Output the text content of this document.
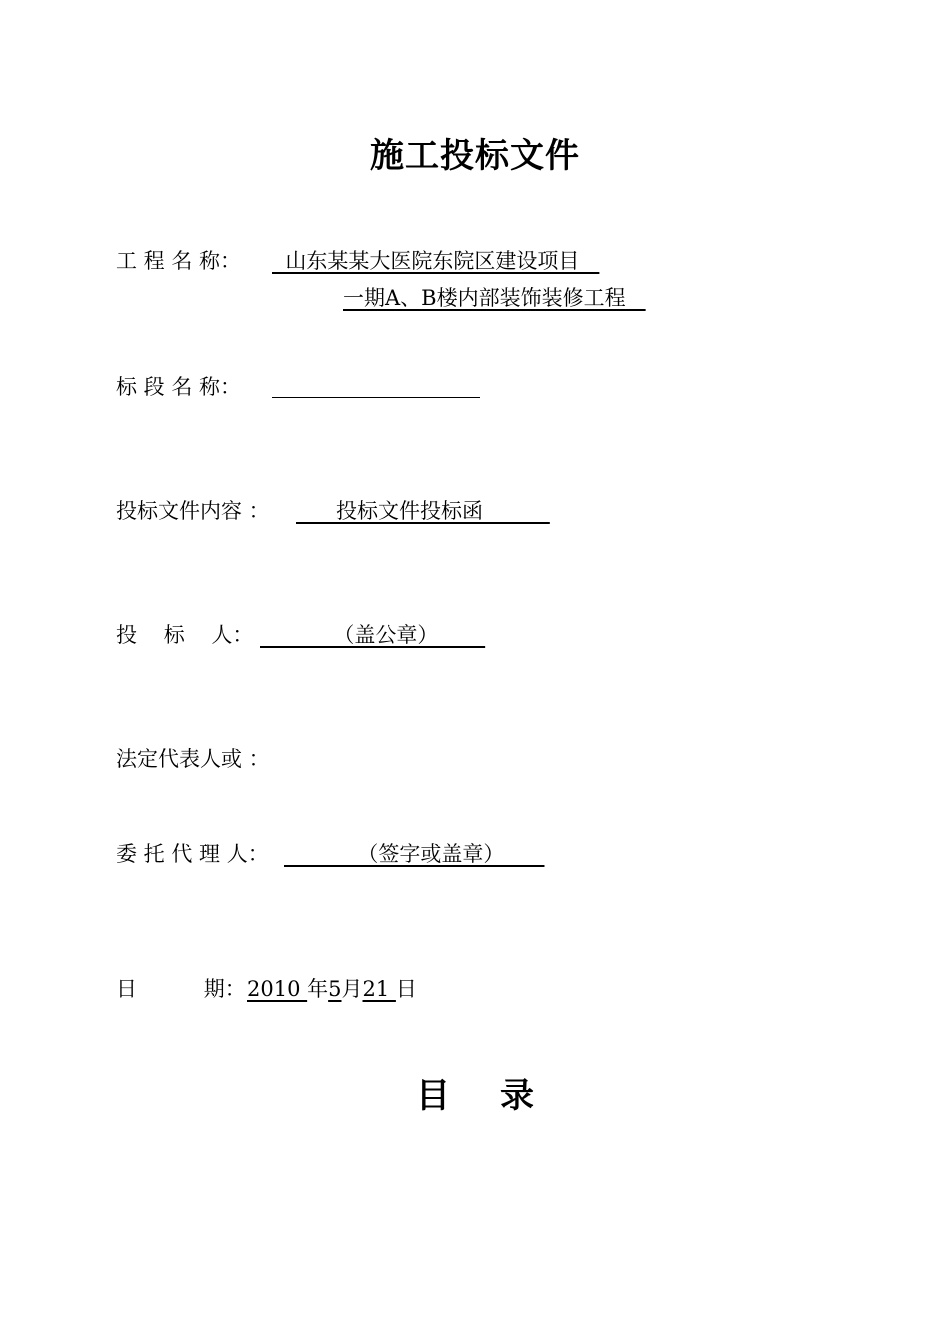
施工投标文件
工 程 名 称： 山东某某大医院东院区建设项目
一期A、B楼内部装饰装修工程
标 段 名 称：
投标文件内容 ： 投标文件投标函
投    标    人： （盖公章）
法定代表人或 ：
委 托 代 理 人： （签字或盖章）
日          期： 2010 年5月21 日
目录
